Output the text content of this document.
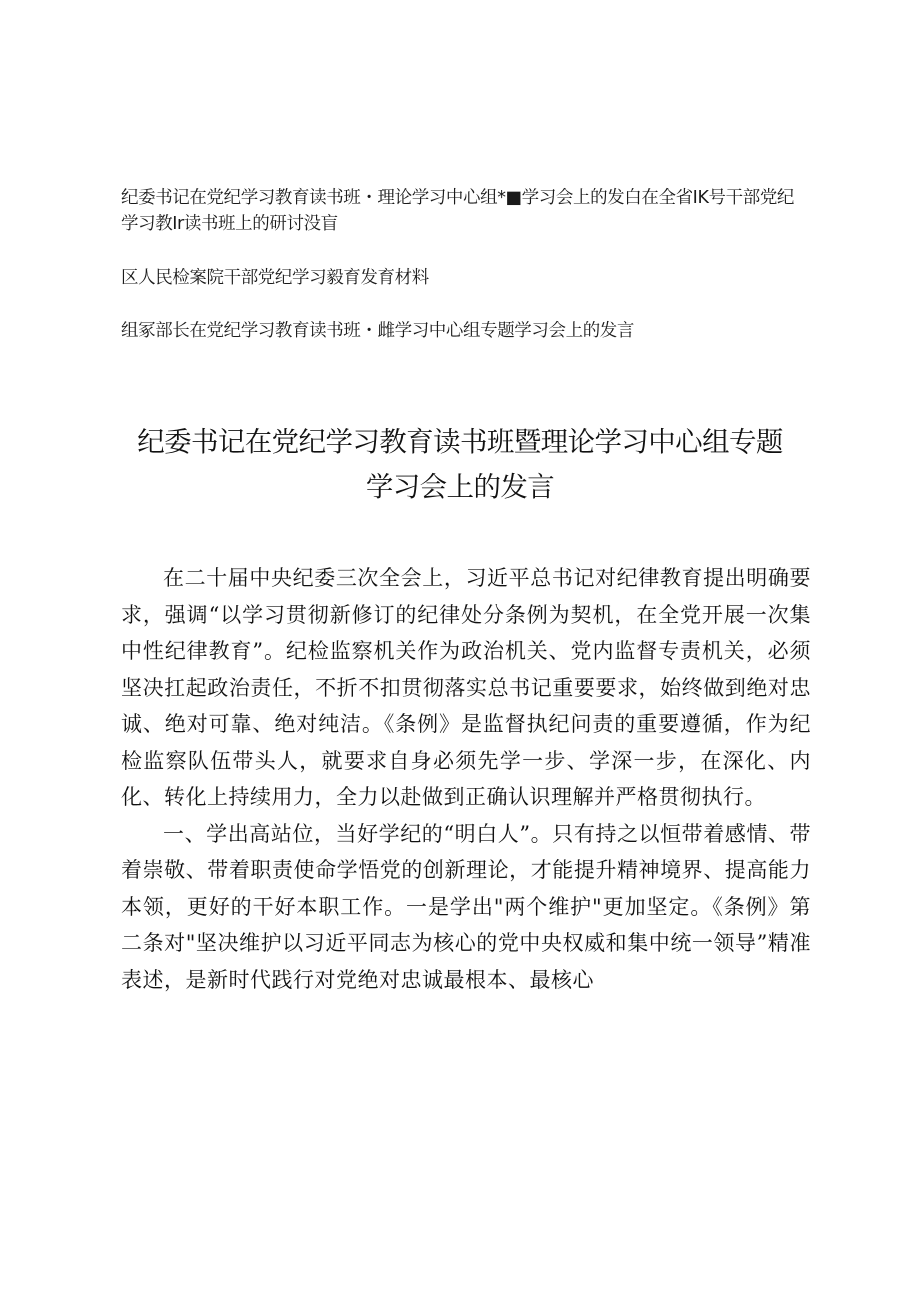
纪委书记在党纪学习教育读书班・理论学习中心组*■学习会上的发白在全省IK号干部党纪学习教Ir读书班上的研讨没盲
区人民检案院干部党纪学习毅育发育材料
组冢部长在党纪学习教育读书班・雌学习中心组专题学习会上的发言
纪委书记在党纪学习教育读书班暨理论学习中心组专题
学习会上的发言

在二十届中央纪委三次全会上，习近平总书记对纪律教育提出明确要求，强调“以学习贯彻新修订的纪律处分条例为契机，在全党开展一次集中性纪律教育”。纪检监察机关作为政治机关、党内监督专责机关，必须坚决扛起政治责任，不折不扣贯彻落实总书记重要要求，始终做到绝对忠诚、绝对可靠、绝对纯洁。《条例》是监督执纪问责的重要遵循，作为纪检监察队伍带头人，就要求自身必须先学一步、学深一步，在深化、内化、转化上持续用力，全力以赴做到正确认识理解并严格贯彻执行。

一、学出高站位，当好学纪的“明白人”。只有持之以恒带着感情、带着崇敬、带着职责使命学悟党的创新理论，才能提升精神境界、提高能力本领，更好的干好本职工作。一是学出"两个维护"更加坚定。《条例》第二条对"坚决维护以习近平同志为核心的党中央权威和集中统一领导”精准表述，是新时代践行对党绝对忠诚最根本、最核心
